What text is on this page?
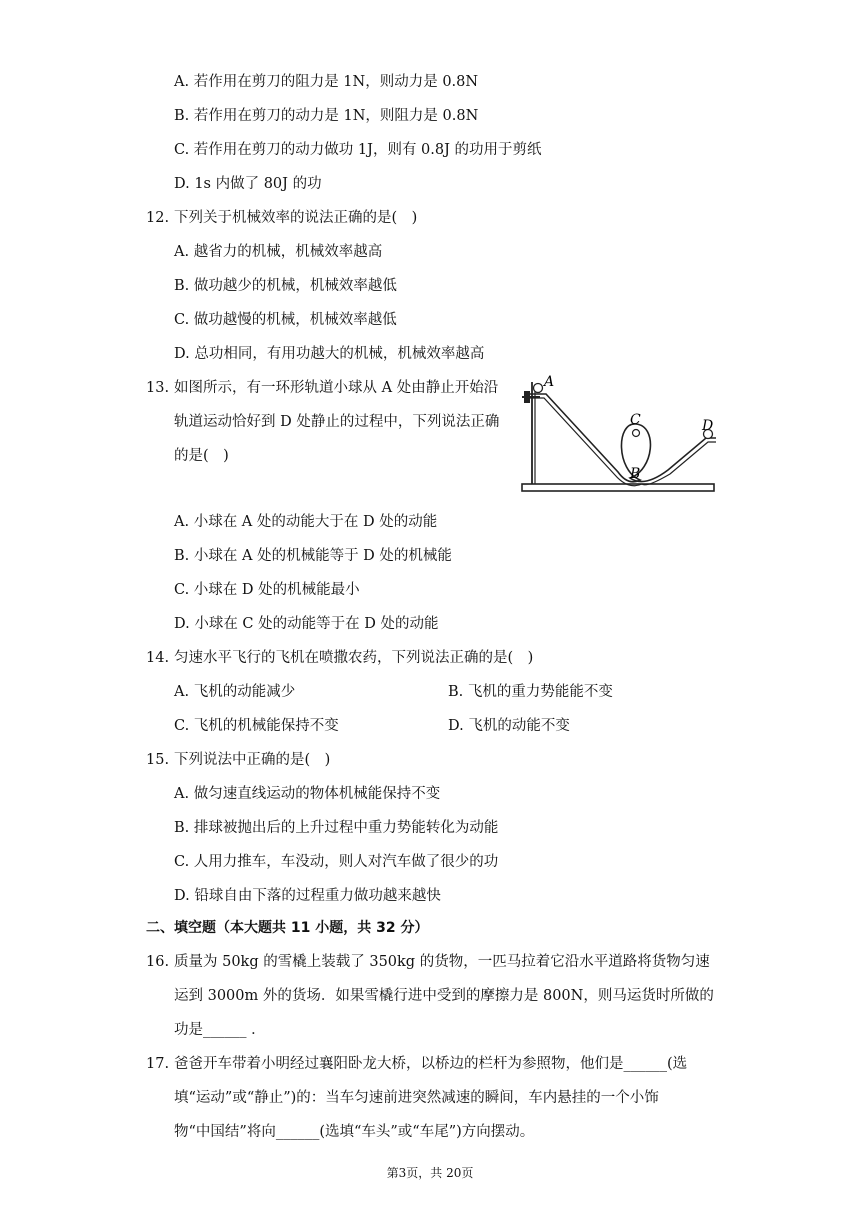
A. 若作用在剪刀的阻力是 1N，则动力是 0.8N
B. 若作用在剪刀的动力是 1N，则阻力是 0.8N
C. 若作用在剪刀的动力做功 1J，则有 0.8J 的功用于剪纸
D. 1s 内做了 80J 的功
12. 下列关于机械效率的说法正确的是(　)
A. 越省力的机械，机械效率越高
B. 做功越少的机械，机械效率越低
C. 做功越慢的机械，机械效率越低
D. 总功相同，有用功越大的机械，机械效率越高
13. 如图所示，有一环形轨道小球从 A 处由静止开始沿
轨道运动恰好到 D 处静止的过程中，下列说法正确
的是(　)
A
C
B
D
A. 小球在 A 处的动能大于在 D 处的动能
B. 小球在 A 处的机械能等于 D 处的机械能
C. 小球在 D 处的机械能最小
D. 小球在 C 处的动能等于在 D 处的动能
14. 匀速水平飞行的飞机在喷撒农药，下列说法正确的是(　)
A. 飞机的动能减少	B. 飞机的重力势能能不变
C. 飞机的机械能保持不变	D. 飞机的动能不变
15. 下列说法中正确的是(　)
A. 做匀速直线运动的物体机械能保持不变
B. 排球被抛出后的上升过程中重力势能转化为动能
C. 人用力推车，车没动，则人对汽车做了很少的功
D. 铅球自由下落的过程重力做功越来越快
二、填空题（本大题共 11 小题，共 32 分）
16. 质量为 50kg 的雪橇上装载了 350kg 的货物，一匹马拉着它沿水平道路将货物匀速
运到 3000m 外的货场．如果雪橇行进中受到的摩擦力是 800N，则马运货时所做的
功是______ ．
17. 爸爸开车带着小明经过襄阳卧龙大桥，以桥边的栏杆为参照物，他们是______(选
填“运动”或“静止”)的：当车匀速前进突然减速的瞬间，车内悬挂的一个小饰
物“中国结”将向______(选填“车头”或“车尾”)方向摆动。
第3页，共 20页
